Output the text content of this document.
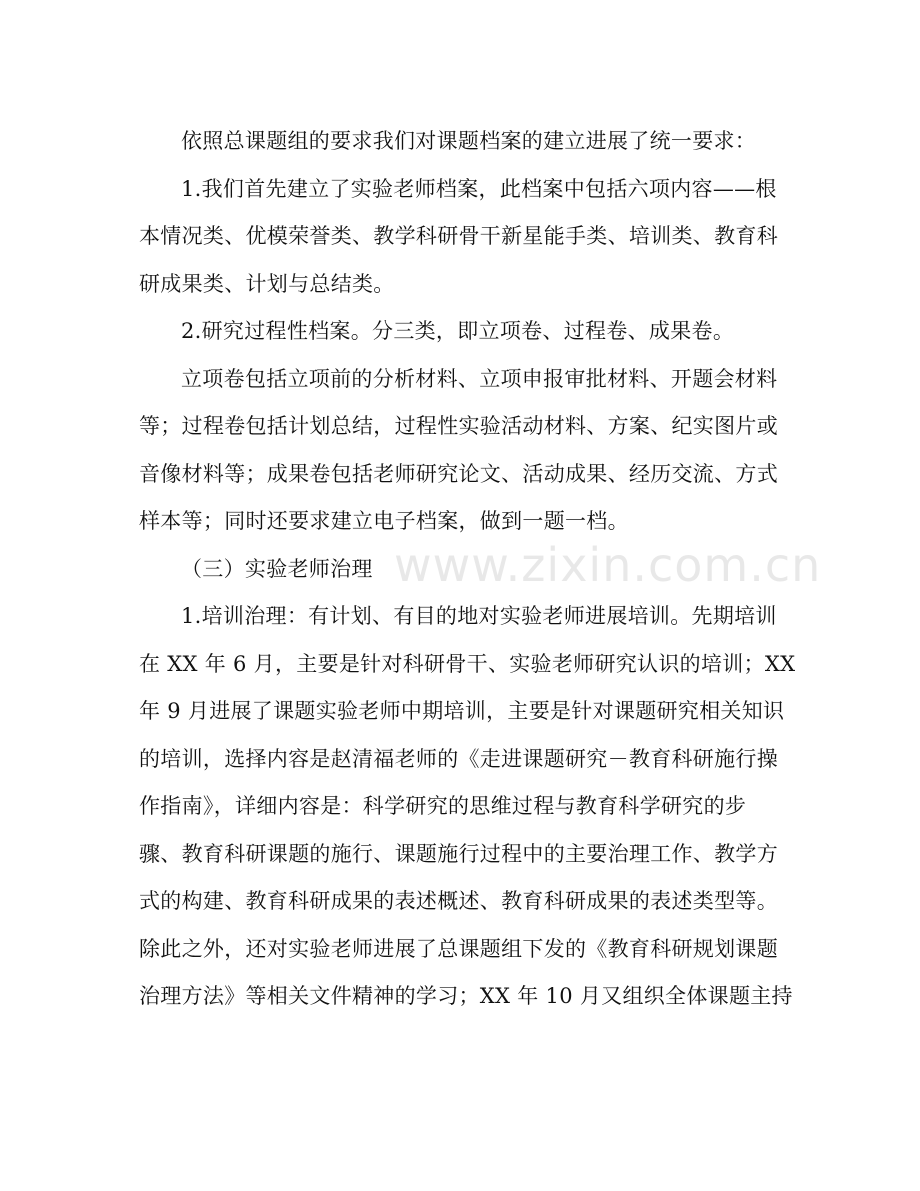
依照总课题组的要求我们对课题档案的建立进展了统一要求：
1.我们首先建立了实验老师档案，此档案中包括六项内容——根
本情况类、优模荣誉类、教学科研骨干新星能手类、培训类、教育科
研成果类、计划与总结类。
2.研究过程性档案。分三类，即立项卷、过程卷、成果卷。
立项卷包括立项前的分析材料、立项申报审批材料、开题会材料
等；过程卷包括计划总结，过程性实验活动材料、方案、纪实图片或
音像材料等；成果卷包括老师研究论文、活动成果、经历交流、方式
样本等；同时还要求建立电子档案，做到一题一档。
（三）实验老师治理
1.培训治理：有计划、有目的地对实验老师进展培训。先期培训
在 XX 年 6 月，主要是针对科研骨干、实验老师研究认识的培训；XX
年 9 月进展了课题实验老师中期培训，主要是针对课题研究相关知识
的培训，选择内容是赵清福老师的《走进课题研究－教育科研施行操
作指南》，详细内容是：科学研究的思维过程与教育科学研究的步
骤、教育科研课题的施行、课题施行过程中的主要治理工作、教学方
式的构建、教育科研成果的表述概述、教育科研成果的表述类型等。
除此之外，还对实验老师进展了总课题组下发的《教育科研规划课题
治理方法》等相关文件精神的学习；XX 年 10 月又组织全体课题主持
www.zixin.com.cn
